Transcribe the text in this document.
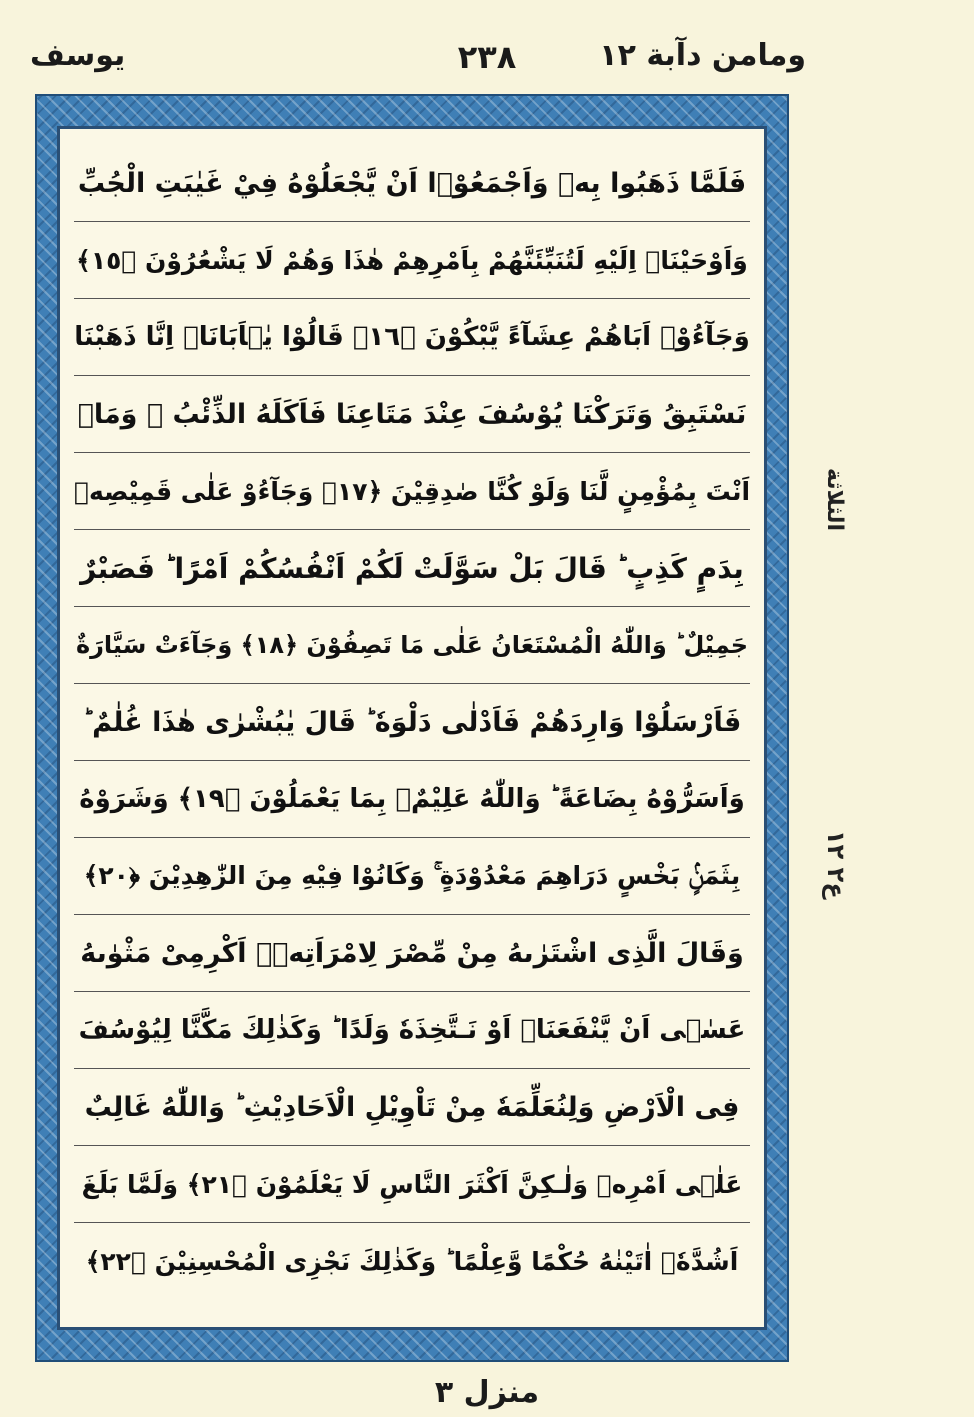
يوسف	٢٣٨	ومامن دآبة ١٢
فَلَمَّا ذَهَبُوا بِهٖ وَاَجْمَعُوْۤا اَنْ يَّجْعَلُوْهُ فِيْ غَيٰبَتِ الْجُبِّ
وَاَوْحَيْنَاۤ اِلَيْهِ لَتُنَبِّئَنَّهُمْ بِاَمْرِهِمْ هٰذَا وَهُمْ لَا يَشْعُرُوْنَ ﴿١٥﴾
وَجَآءُوْۤ اَبَاهُمْ عِشَآءً يَّبْكُوْنَ ﴿١٦﴾ قَالُوْا يٰۤاَبَانَاۤ اِنَّا ذَهَبْنَا
نَسْتَبِقُ وَتَرَكْنَا يُوْسُفَ عِنْدَ مَتَاعِنَا فَاَكَلَهُ الذِّئْبُ ۚ وَمَاۤ
اَنْتَ بِمُؤْمِنٍ لَّنَا وَلَوْ كُنَّا صٰدِقِيْنَ ﴿١٧﴾ وَجَآءُوْ عَلٰى قَمِيْصِهٖ
بِدَمٍ كَذِبٍ ؕ قَالَ بَلْ سَوَّلَتْ لَكُمْ اَنْفُسُكُمْ اَمْرًا ؕ فَصَبْرٌ
جَمِيْلٌ ؕ وَاللّٰهُ الْمُسْتَعَانُ عَلٰى مَا تَصِفُوْنَ ﴿١٨﴾ وَجَآءَتْ سَيَّارَةٌ
فَاَرْسَلُوْا وَارِدَهُمْ فَاَدْلٰى دَلْوَهٗ ؕ قَالَ يٰبُشْرٰى هٰذَا غُلٰمٌ ؕ
وَاَسَرُّوْهُ بِضَاعَةً ؕ وَاللّٰهُ عَلِيْمٌۢ بِمَا يَعْمَلُوْنَ ﴿١٩﴾ وَشَرَوْهُ
بِثَمَنٍۢ بَخْسٍ دَرَاهِمَ مَعْدُوْدَةٍ ۚ وَكَانُوْا فِيْهِ مِنَ الزّٰهِدِيْنَ ﴿٢٠﴾
وَقَالَ الَّذِى اشْتَرٰٮهُ مِنْ مِّصْرَ لِامْرَاَتِهٖۤ اَكْرِمِىْ مَثْوٰٮهُ
عَسٰۤى اَنْ يَّنْفَعَنَاۤ اَوْ نَـتَّخِذَهٗ وَلَدًا ؕ وَكَذٰلِكَ مَكَّنَّا لِيُوْسُفَ
فِى الْاَرْضِ وَلِنُعَلِّمَهٗ مِنْ تَاْوِيْلِ الْاَحَادِيْثِ ؕ وَاللّٰهُ غَالِبٌ
عَلٰۤى اَمْرِهٖ وَلٰـكِنَّ اَكْثَرَ النَّاسِ لَا يَعْلَمُوْنَ ﴿٢١﴾ وَلَمَّا بَلَغَ
اَشُدَّهٗۤ اٰتَيْنٰهُ حُكْمًا وَّعِلْمًا ؕ وَكَذٰلِكَ نَجْزِى الْمُحْسِنِيْنَ ﴿٢٢﴾
الثلاثة
ع٢ ١٢
منزل ٣
